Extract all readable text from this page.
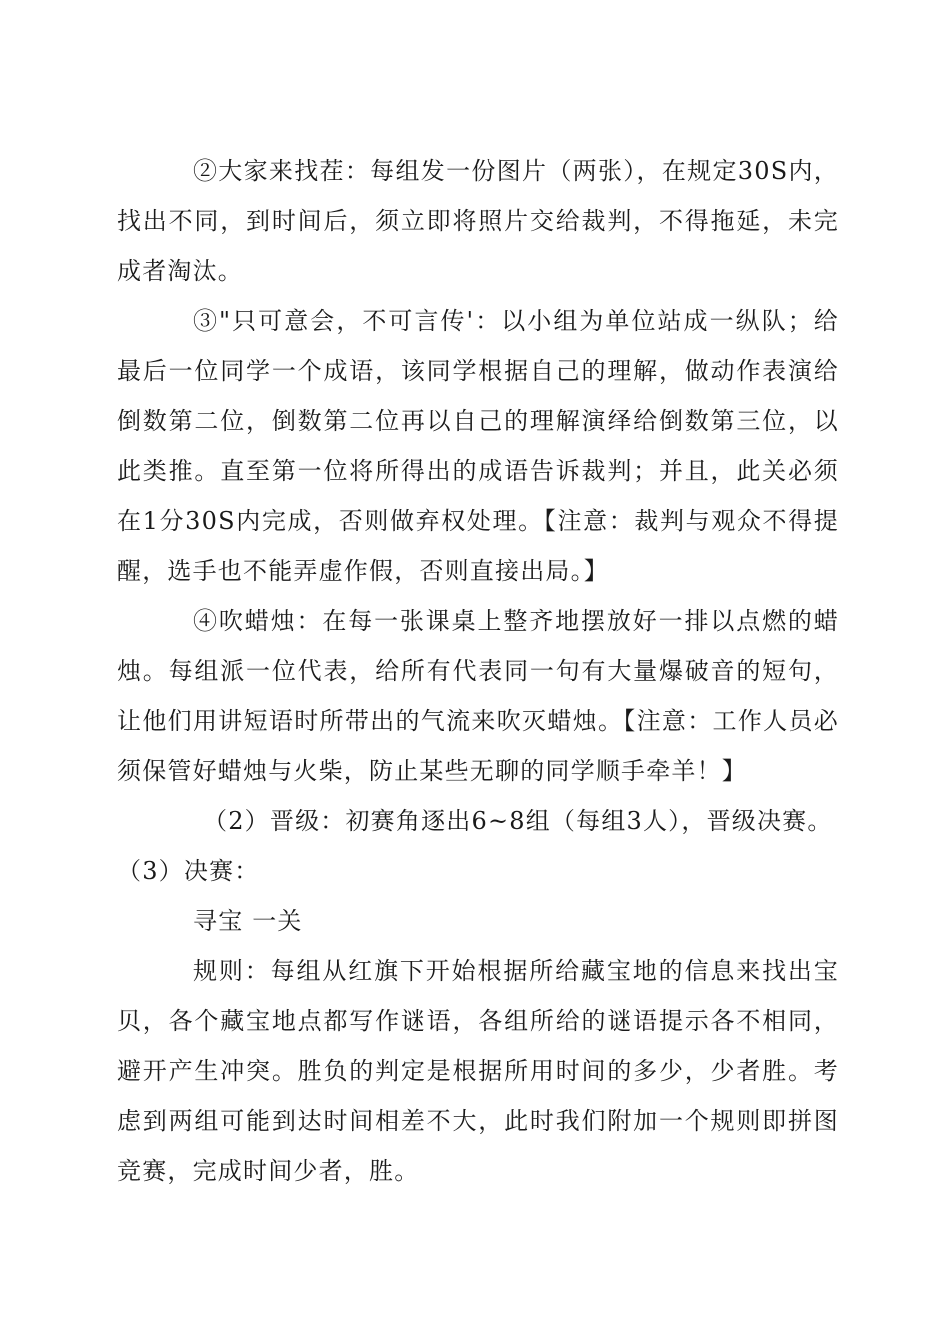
②大家来找茬：每组发一份图片（两张），在规定30S内，找出不同，到时间后，须立即将照片交给裁判，不得拖延，未完成者淘汰。

③"只可意会，不可言传'：以小组为单位站成一纵队；给最后一位同学一个成语，该同学根据自己的理解，做动作表演给倒数第二位，倒数第二位再以自己的理解演绎给倒数第三位，以此类推。直至第一位将所得出的成语告诉裁判；并且，此关必须在1分30S内完成，否则做弃权处理。【注意：裁判与观众不得提醒，选手也不能弄虚作假，否则直接出局。】

④吹蜡烛：在每一张课桌上整齐地摆放好一排以点燃的蜡烛。每组派一位代表，给所有代表同一句有大量爆破音的短句，让他们用讲短语时所带出的气流来吹灭蜡烛。【注意：工作人员必须保管好蜡烛与火柴，防止某些无聊的同学顺手牵羊！】

（2）晋级：初赛角逐出6~8组（每组3人），晋级决赛。

（3）决赛：

寻宝 一关

规则：每组从红旗下开始根据所给藏宝地的信息来找出宝贝，各个藏宝地点都写作谜语，各组所给的谜语提示各不相同，避开产生冲突。胜负的判定是根据所用时间的多少，少者胜。考虑到两组可能到达时间相差不大，此时我们附加一个规则即拼图竞赛，完成时间少者，胜。
